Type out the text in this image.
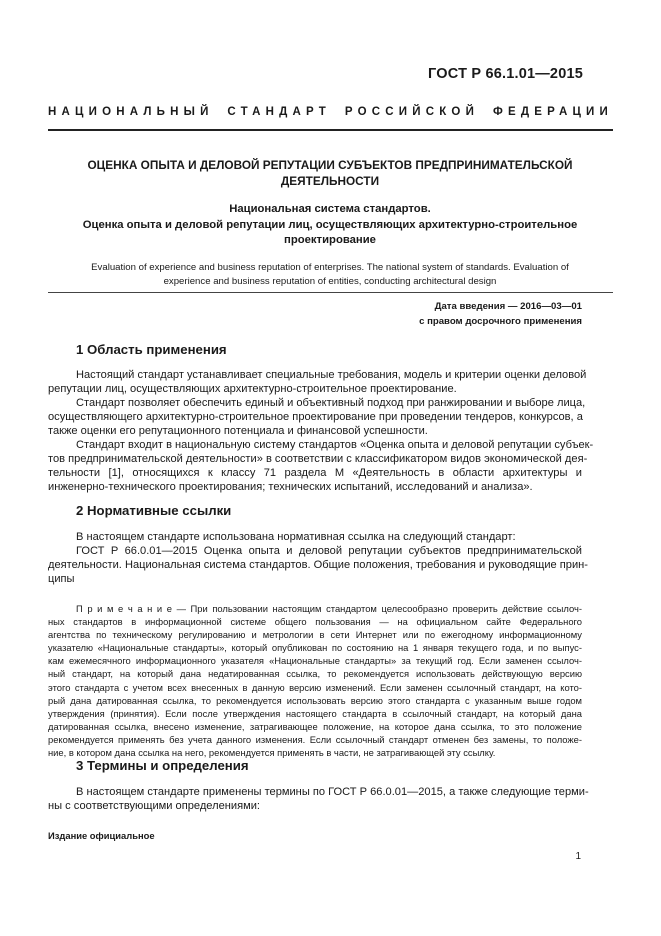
ГОСТ Р 66.1.01—2015
НАЦИОНАЛЬНЫЙ СТАНДАРТ РОССИЙСКОЙ ФЕДЕРАЦИИ
ОЦЕНКА ОПЫТА И ДЕЛОВОЙ РЕПУТАЦИИ СУБЪЕКТОВ ПРЕДПРИНИМАТЕЛЬСКОЙ
ДЕЯТЕЛЬНОСТИ
Национальная система стандартов.
Оценка опыта и деловой репутации лиц, осуществляющих архитектурно-строительное
проектирование
Evaluation of experience and business reputation of enterprises. The national system of standards. Evaluation of
experience and business reputation of entities, conducting architectural design
Дата введения — 2016—03—01
с правом досрочного применения
1 Область применения
Настоящий стандарт устанавливает специальные требования, модель и критерии оценки деловой
репутации лиц, осуществляющих архитектурно-строительное проектирование.
Стандарт позволяет обеспечить единый и объективный подход при ранжировании и выборе лица,
осуществляющего архитектурно-строительное проектирование при проведении тендеров, конкурсов, а
также оценки его репутационного потенциала и финансовой успешности.
Стандарт входит в национальную систему стандартов «Оценка опыта и деловой репутации субъек-
тов предпринимательской деятельности» в соответствии с классификатором видов экономической дея-
тельности [1], относящихся к классу 71 раздела М «Деятельность в области архитектуры и
инженерно-технического проектирования; технических испытаний, исследований и анализа».
2 Нормативные ссылки
В настоящем стандарте использована нормативная ссылка на следующий стандарт:
ГОСТ Р 66.0.01—2015 Оценка опыта и деловой репутации субъектов предпринимательской
деятельности. Национальная система стандартов. Общие положения, требования и руководящие прин-
ципы
П р и м е ч а н и е — При пользовании настоящим стандартом целесообразно проверить действие ссылоч-
ных стандартов в информационной системе общего пользования — на официальном сайте Федерального
агентства по техническому регулированию и метрологии в сети Интернет или по ежегодному информационному
указателю «Национальные стандарты», который опубликован по состоянию на 1 января текущего года, и по выпус-
кам ежемесячного информационного указателя «Национальные стандарты» за текущий год. Если заменен ссылоч-
ный стандарт, на который дана недатированная ссылка, то рекомендуется использовать действующую версию
этого стандарта с учетом всех внесенных в данную версию изменений. Если заменен ссылочный стандарт, на кото-
рый дана датированная ссылка, то рекомендуется использовать версию этого стандарта с указанным выше годом
утверждения (принятия). Если после утверждения настоящего стандарта в ссылочный стандарт, на который дана
датированная ссылка, внесено изменение, затрагивающее положение, на которое дана ссылка, то это положение
рекомендуется применять без учета данного изменения. Если ссылочный стандарт отменен без замены, то положе-
ние, в котором дана ссылка на него, рекомендуется применять в части, не затрагивающей эту ссылку.
3 Термины и определения
В настоящем стандарте применены термины по ГОСТ Р 66.0.01—2015, а также следующие терми-
ны с соответствующими определениями:
Издание официальное
1
